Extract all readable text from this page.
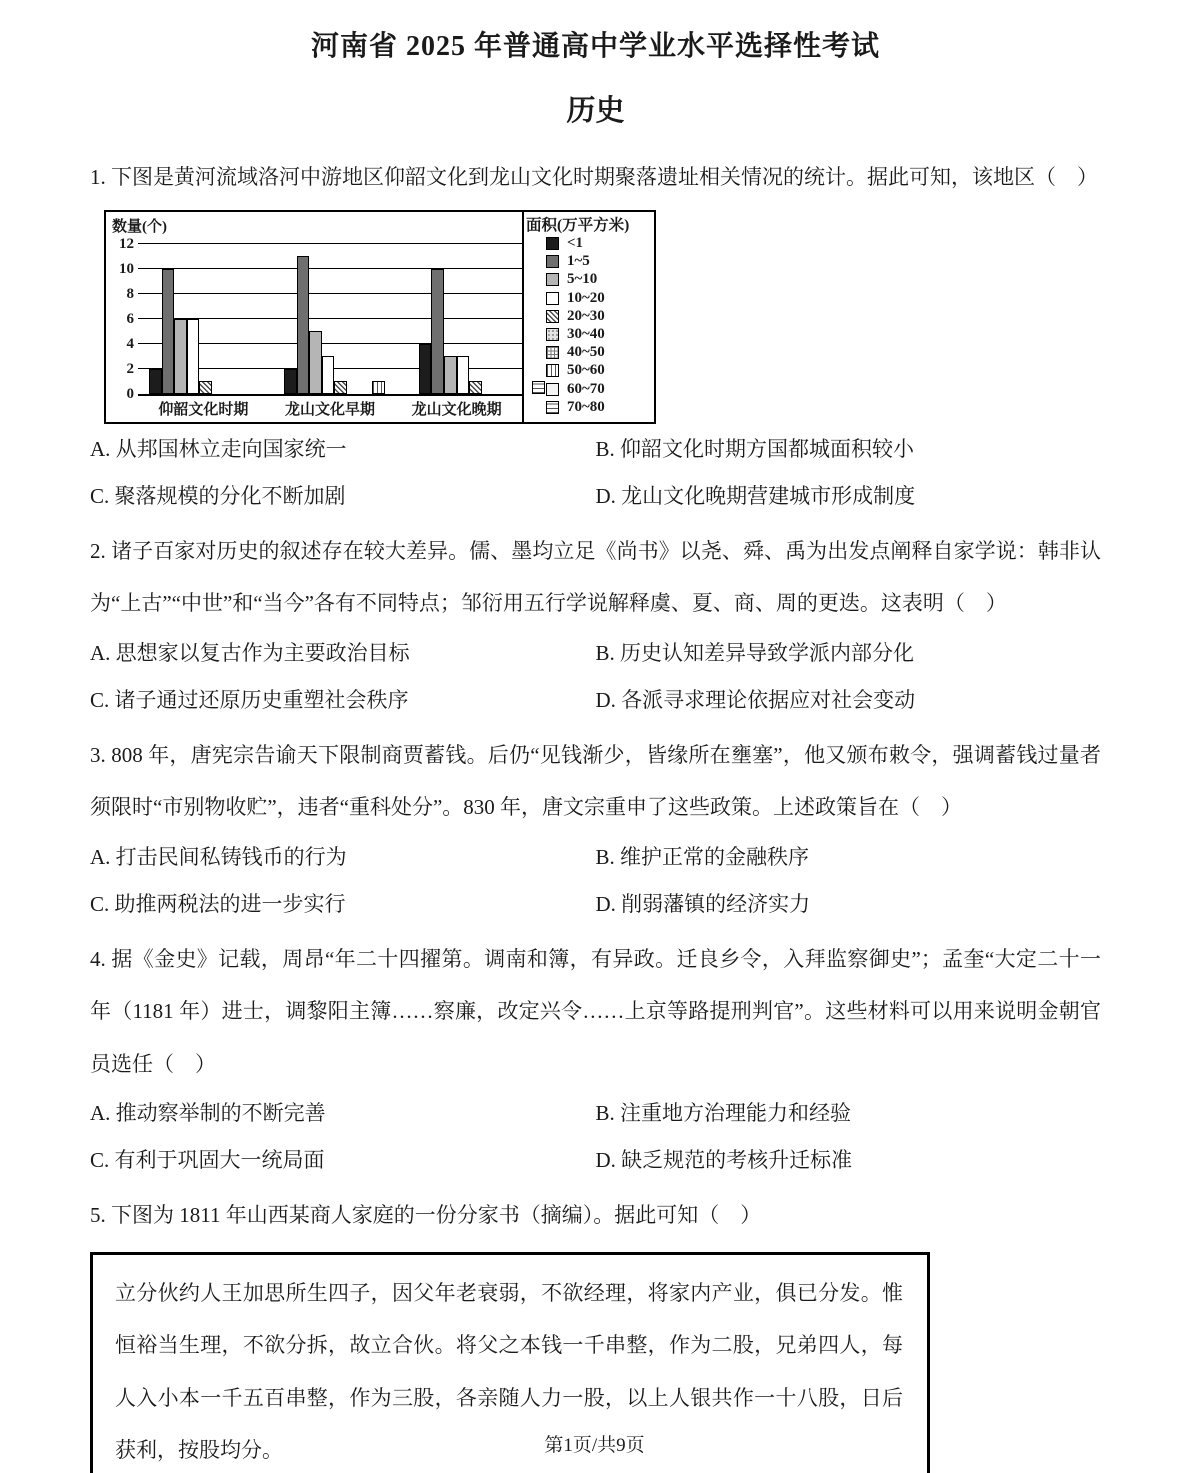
河南省 2025 年普通高中学业水平选择性考试
历史
1. 下图是黄河流域洛河中游地区仰韶文化到龙山文化时期聚落遗址相关情况的统计。据此可知，该地区（　）
数量(个)
0
2
4
6
8
10
12
仰韶文化时期	龙山文化早期	龙山文化晚期
面积(万平方米)
<1
1~5
5~10
10~20
20~30
30~40
40~50
50~60
60~70
70~80
A. 从邦国林立走向国家统一	B. 仰韶文化时期方国都城面积较小
C. 聚落规模的分化不断加剧	D. 龙山文化晚期营建城市形成制度
2. 诸子百家对历史的叙述存在较大差异。儒、墨均立足《尚书》以尧、舜、禹为出发点阐释自家学说：韩非认为“上古”“中世”和“当今”各有不同特点；邹衍用五行学说解释虞、夏、商、周的更迭。这表明（　）
A. 思想家以复古作为主要政治目标	B. 历史认知差异导致学派内部分化
C. 诸子通过还原历史重塑社会秩序	D. 各派寻求理论依据应对社会变动
3. 808 年，唐宪宗告谕天下限制商贾蓄钱。后仍“见钱渐少，皆缘所在壅塞”，他又颁布敕令，强调蓄钱过量者须限时“市别物收贮”，违者“重科处分”。830 年，唐文宗重申了这些政策。上述政策旨在（　）
A. 打击民间私铸钱币的行为	B. 维护正常的金融秩序
C. 助推两税法的进一步实行	D. 削弱藩镇的经济实力
4. 据《金史》记载，周昂“年二十四擢第。调南和簿，有异政。迁良乡令，入拜监察御史”；孟奎“大定二十一年（1181 年）进士，调黎阳主簿……察廉，改定兴令……上京等路提刑判官”。这些材料可以用来说明金朝官员选任（　）
A. 推动察举制的不断完善	B. 注重地方治理能力和经验
C. 有利于巩固大一统局面	D. 缺乏规范的考核升迁标准
5. 下图为 1811 年山西某商人家庭的一份分家书（摘编）。据此可知（　）
立分伙约人王加思所生四子，因父年老衰弱，不欲经理，将家内产业，俱已分发。惟恒裕当生理，不欲分拆，故立合伙。将父之本钱一千串整，作为二股，兄弟四人，每人入小本一千五百串整，作为三股，各亲随人力一股，以上人银共作一十八股，日后获利，按股均分。	第1页/共9页
